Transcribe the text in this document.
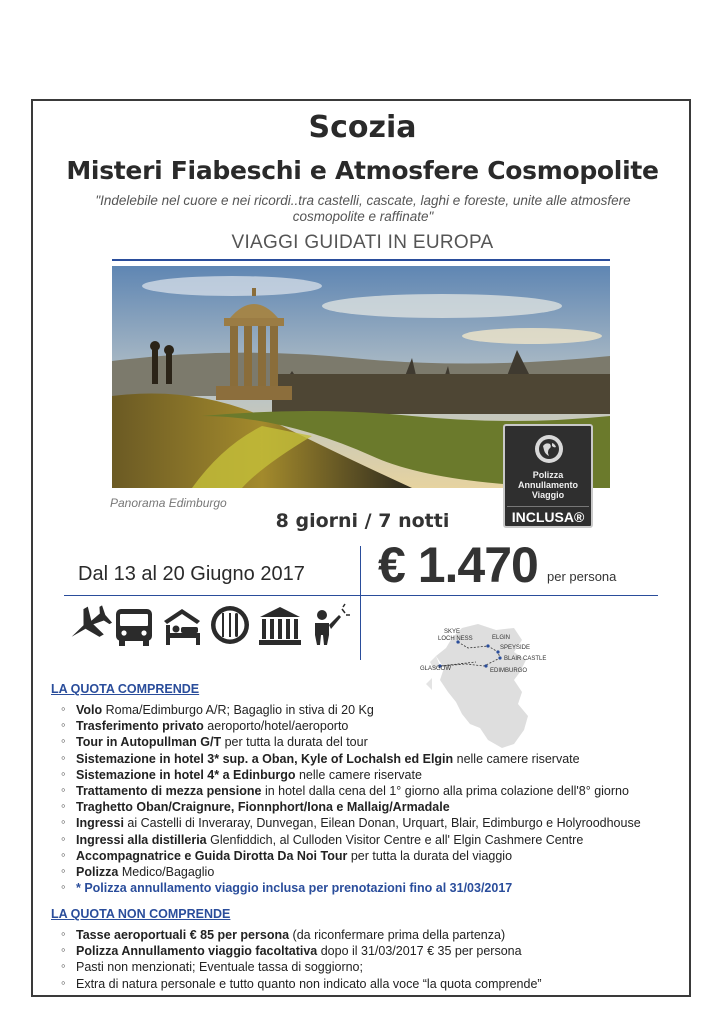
Scozia
Misteri Fiabeschi e Atmosfere Cosmopolite
"Indelebile nel cuore e nei ricordi..tra castelli, cascate, laghi e foreste, unite alle atmosfere cosmopolite e raffinate"
VIAGGI GUIDATI IN EUROPA
Panorama Edimburgo
Polizza
Annullamento
Viaggio
INCLUSA®
8 giorni / 7 notti
Dal 13 al 20 Giugno 2017 € 1.470 per persona
SKYE
LOCH NESS	ELGIN
SPEYSIDE
BLAIR CASTLE
GLASGOW	EDIMBURGO
LA QUOTA COMPRENDE
◦ Volo Roma/Edimburgo A/R; Bagaglio in stiva di 20 Kg
◦ Trasferimento privato aeroporto/hotel/aeroporto
◦ Tour in Autopullman G/T per tutta la durata del tour
◦ Sistemazione in hotel 3* sup. a Oban, Kyle of Lochalsh ed Elgin nelle camere riservate
◦ Sistemazione in hotel 4* a Edinburgo nelle camere riservate
◦ Trattamento di mezza pensione in hotel dalla cena del 1° giorno alla prima colazione dell'8° giorno
◦ Traghetto Oban/Craignure, Fionnphort/Iona e Mallaig/Armadale
◦ Ingressi ai Castelli di Inveraray, Dunvegan, Eilean Donan, Urquart, Blair, Edimburgo e Holyroodhouse
◦ Ingressi alla distilleria Glenfiddich, al Culloden Visitor Centre e all' Elgin Cashmere Centre
◦ Accompagnatrice e Guida Dirotta Da Noi Tour per tutta la durata del viaggio
◦ Polizza Medico/Bagaglio
◦ * Polizza annullamento viaggio inclusa per prenotazioni fino al 31/03/2017
LA QUOTA NON COMPRENDE
◦ Tasse aeroportuali € 85 per persona (da riconfermare prima della partenza)
◦ Polizza Annullamento viaggio facoltativa dopo il 31/03/2017 € 35 per persona
◦ Pasti non menzionati; Eventuale tassa di soggiorno;
◦ Extra di natura personale e tutto quanto non indicato alla voce “la quota comprende”
